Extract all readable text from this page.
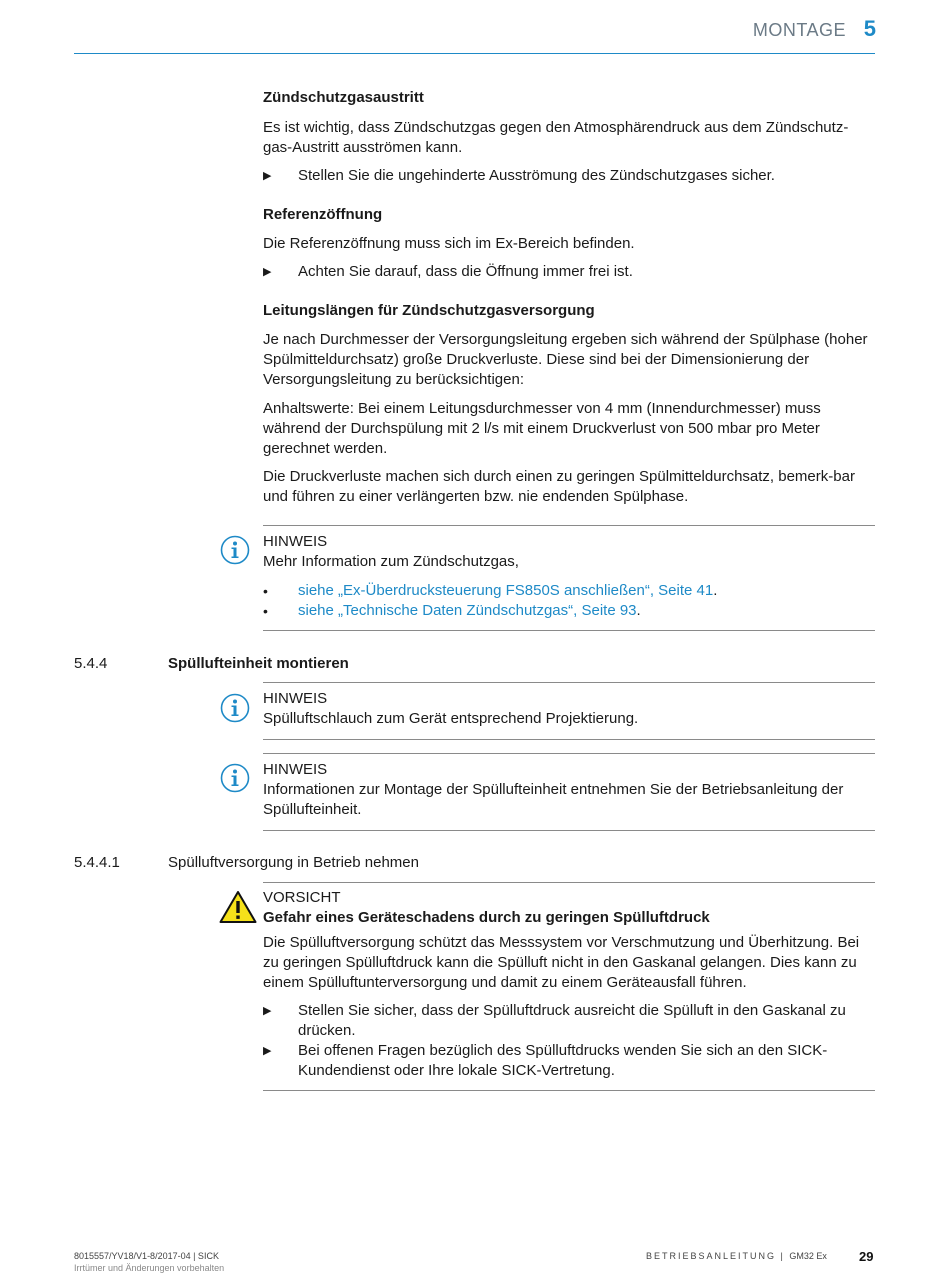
MONTAGE 5
Zündschutzgasaustritt

Es ist wichtig, dass Zündschutzgas gegen den Atmosphärendruck aus dem Zündschutz-gas-Austritt ausströmen kann.

▶	Stellen Sie die ungehinderte Ausströmung des Zündschutzgases sicher.
Referenzöffnung

Die Referenzöffnung muss sich im Ex-Bereich befinden.

▶	Achten Sie darauf, dass die Öffnung immer frei ist.
Leitungslängen für Zündschutzgasversorgung

Je nach Durchmesser der Versorgungsleitung ergeben sich während der Spülphase (hoher Spülmitteldurchsatz) große Druckverluste. Diese sind bei der Dimensionierung der Versorgungsleitung zu berücksichtigen:

Anhaltswerte: Bei einem Leitungsdurchmesser von 4 mm (Innendurchmesser) muss während der Durchspülung mit 2 l/s mit einem Druckverlust von 500 mbar pro Meter gerechnet werden.

Die Druckverluste machen sich durch einen zu geringen Spülmitteldurchsatz, bemerk-bar und führen zu einer verlängerten bzw. nie endenden Spülphase.

HINWEIS
Mehr Information zum Zündschutzgas,
•	siehe „Ex-Überdrucksteuerung FS850S anschließen“, Seite 41.
•	siehe „Technische Daten Zündschutzgas“, Seite 93.
5.4.4	Spüllufteinheit montieren
HINWEIS
Spülluftschlauch zum Gerät entsprechend Projektierung.
HINWEIS
Informationen zur Montage der Spüllufteinheit entnehmen Sie der Betriebsanleitung der Spüllufteinheit.
5.4.4.1	Spülluftversorgung in Betrieb nehmen
VORSICHT
Gefahr eines Geräteschadens durch zu geringen Spülluftdruck

Die Spülluftversorgung schützt das Messsystem vor Verschmutzung und Überhitzung. Bei zu geringen Spülluftdruck kann die Spülluft nicht in den Gaskanal gelangen. Dies kann zu einem Spülluftunterversorgung und damit zu einem Geräteausfall führen.

▶	Stellen Sie sicher, dass der Spülluftdruck ausreicht die Spülluft in den Gaskanal zu drücken.
▶	Bei offenen Fragen bezüglich des Spülluftdrucks wenden Sie sich an den SICK-Kundendienst oder Ihre lokale SICK-Vertretung.
8015557/YV18/V1-8/2017-04 | SICK
Irrtümer und Änderungen vorbehalten
BETRIEBSANLEITUNG | GM32 Ex 29
